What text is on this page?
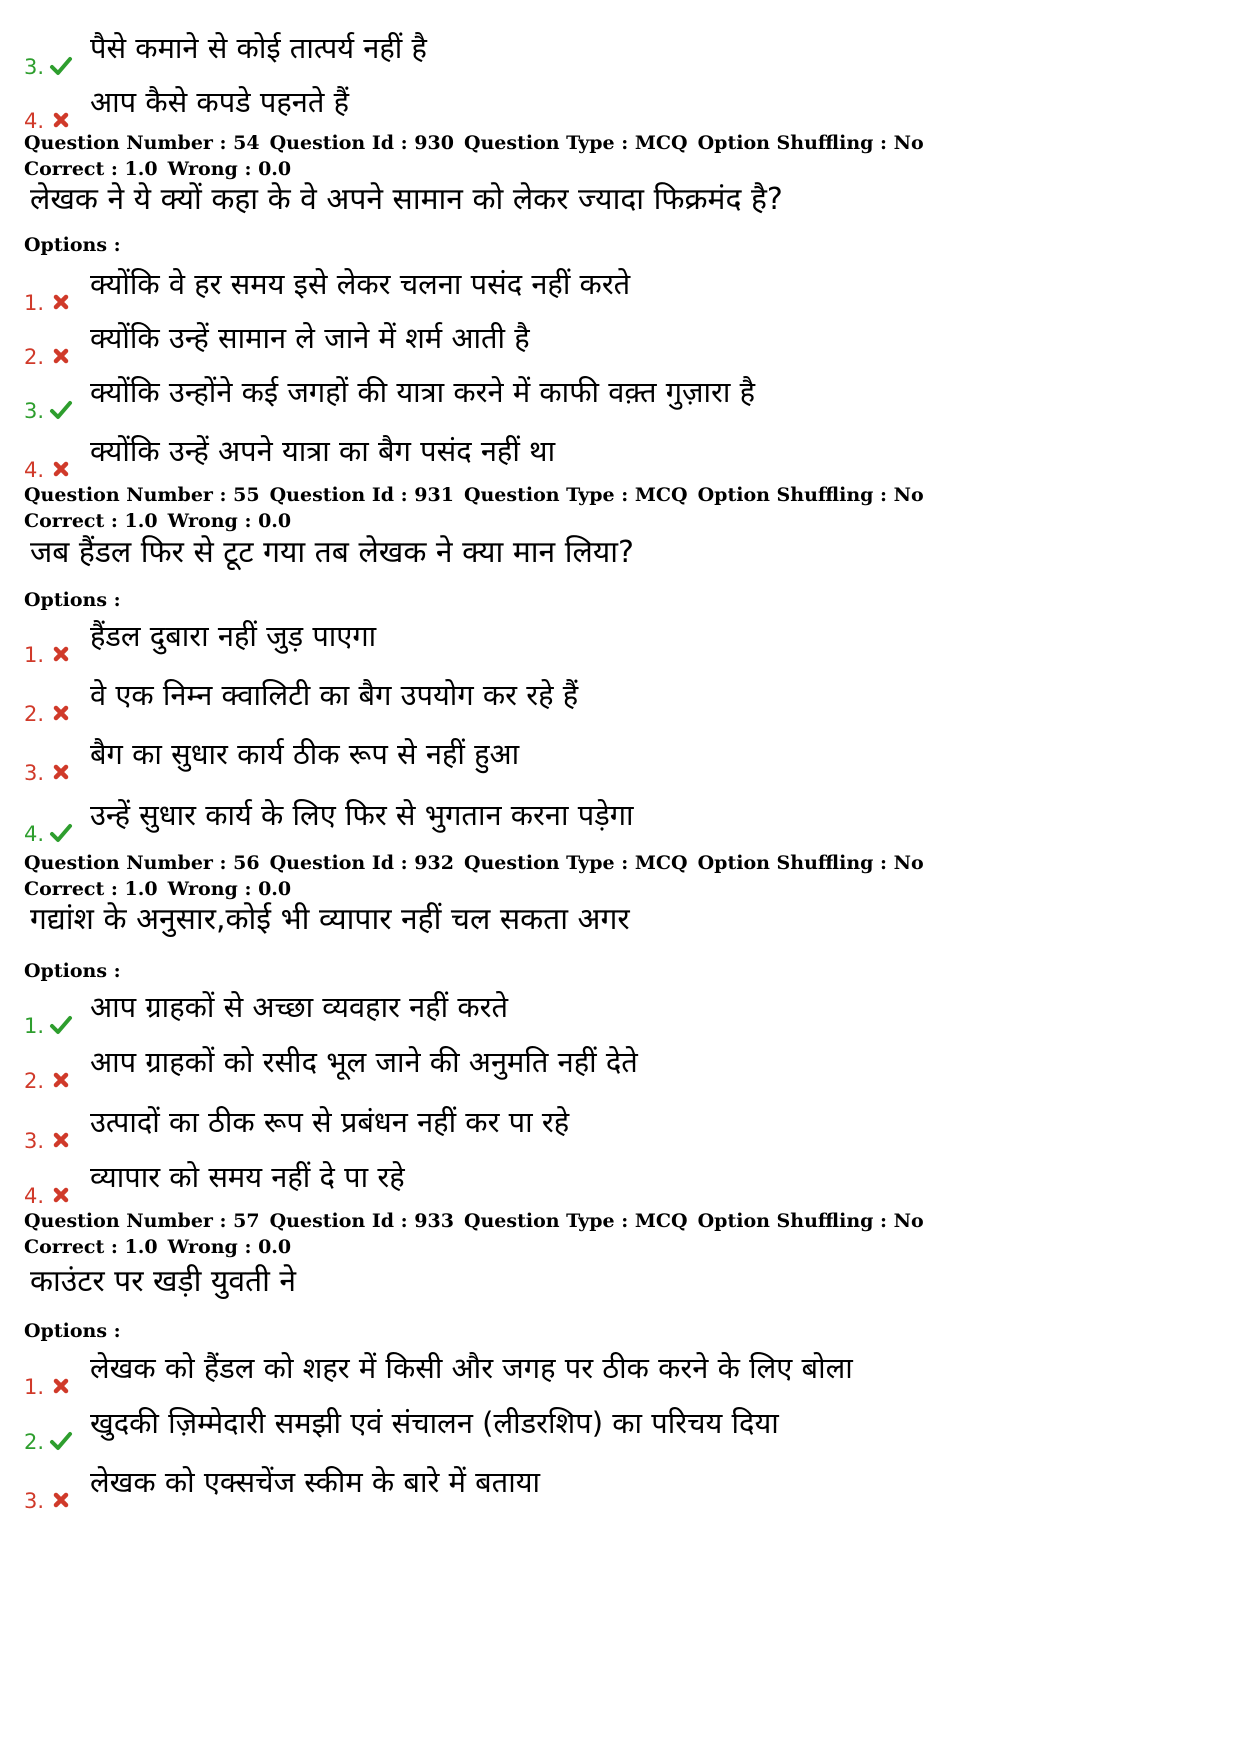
3.
पैसे कमाने से कोई तात्पर्य नहीं है
4.
आप कैसे कपडे पहनते हैं
Question Number : 54 Question Id : 930 Question Type : MCQ Option Shuffling : No
Correct : 1.0 Wrong : 0.0
लेखक ने ये क्यों कहा के वे अपने सामान को लेकर ज्यादा फिक्रमंद है?
Options :
1.
क्योंकि वे हर समय इसे लेकर चलना पसंद नहीं करते
2.
क्योंकि उन्हें सामान ले जाने में शर्म आती है
3.
क्योंकि उन्होंने कई जगहों की यात्रा करने में काफी वक़्त गुज़ारा है
4.
क्योंकि उन्हें अपने यात्रा का बैग पसंद नहीं था
Question Number : 55 Question Id : 931 Question Type : MCQ Option Shuffling : No
Correct : 1.0 Wrong : 0.0
जब हैंडल फिर से टूट गया तब लेखक ने क्या मान लिया?
Options :
1.
हैंडल दुबारा नहीं जुड़ पाएगा
2.
वे एक निम्न क्वालिटी का बैग उपयोग कर रहे हैं
3.
बैग का सुधार कार्य ठीक रूप से नहीं हुआ
4.
उन्हें सुधार कार्य के लिए फिर से भुगतान करना पड़ेगा
Question Number : 56 Question Id : 932 Question Type : MCQ Option Shuffling : No
Correct : 1.0 Wrong : 0.0
गद्यांश के अनुसार,कोई भी व्यापार नहीं चल सकता अगर
Options :
1.
आप ग्राहकों से अच्छा व्यवहार नहीं करते
2.
आप ग्राहकों को रसीद भूल जाने की अनुमति नहीं देते
3.
उत्पादों का ठीक रूप से प्रबंधन नहीं कर पा रहे
4.
व्यापार को समय नहीं दे पा रहे
Question Number : 57 Question Id : 933 Question Type : MCQ Option Shuffling : No
Correct : 1.0 Wrong : 0.0
काउंटर पर खड़ी युवती ने
Options :
1.
लेखक को हैंडल को शहर में किसी और जगह पर ठीक करने के लिए बोला
2.
खुदकी ज़िम्मेदारी समझी एवं संचालन (लीडरशिप) का परिचय दिया
3.
लेखक को एक्सचेंज स्कीम के बारे में बताया
